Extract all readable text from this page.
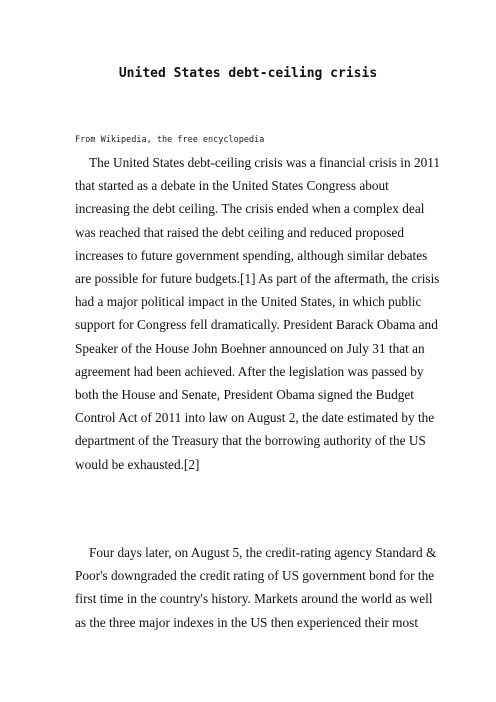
United States debt-ceiling crisis

From Wikipedia, the free encyclopedia

The United States debt-ceiling crisis was a financial crisis in 2011
that started as a debate in the United States Congress about
increasing the debt ceiling. The crisis ended when a complex deal
was reached that raised the debt ceiling and reduced proposed
increases to future government spending, although similar debates
are possible for future budgets.[1] As part of the aftermath, the crisis
had a major political impact in the United States, in which public
support for Congress fell dramatically. President Barack Obama and
Speaker of the House John Boehner announced on July 31 that an
agreement had been achieved. After the legislation was passed by
both the House and Senate, President Obama signed the Budget
Control Act of 2011 into law on August 2, the date estimated by the
department of the Treasury that the borrowing authority of the US
would be exhausted.[2]
Four days later, on August 5, the credit-rating agency Standard &
Poor's downgraded the credit rating of US government bond for the
first time in the country's history. Markets around the world as well
as the three major indexes in the US then experienced their most
